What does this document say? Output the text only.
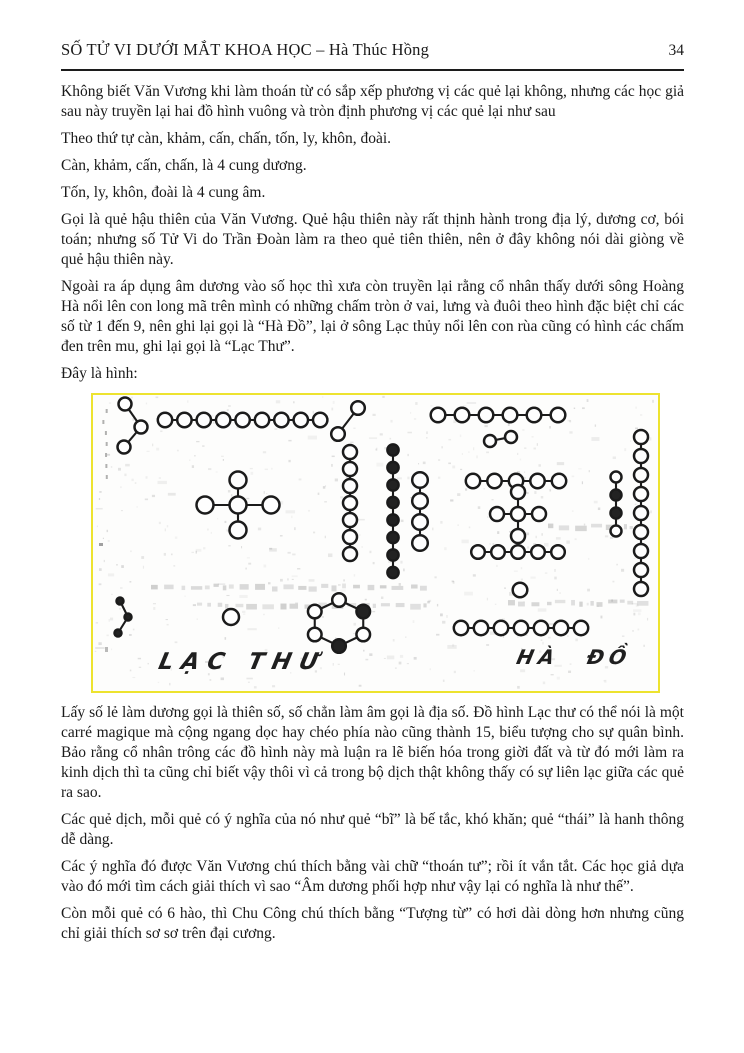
SỐ TỬ VI DƯỚI MẮT KHOA HỌC – Hà Thúc Hồng	34

Không biết Văn Vương khi làm thoán từ có sắp xếp phương vị các quẻ lại không, nhưng các học giả sau này truyền lại hai đồ hình vuông và tròn định phương vị các quẻ lại như sau

Theo thứ tự càn, khảm, cấn, chấn, tốn, ly, khôn, đoài.

Càn, khảm, cấn, chấn, là 4 cung dương.

Tốn, ly, khôn, đoài là 4 cung âm.

Gọi là quẻ hậu thiên của Văn Vương. Quẻ hậu thiên này rất thịnh hành trong địa lý, dương cơ, bói toán; nhưng số Tử Vi do Trần Đoàn làm ra theo quẻ tiên thiên, nên ở đây không nói dài giòng về quẻ hậu thiên này.

Ngoài ra áp dụng âm dương vào số học thì xưa còn truyền lại rằng cổ nhân thấy dưới sông Hoàng Hà nổi lên con long mã trên mình có những chấm tròn ở vai, lưng và đuôi theo hình đặc biệt chỉ các số từ 1 đến 9, nên ghi lại gọi là “Hà Đồ”, lại ở sông Lạc thủy nổi lên con rùa cũng có hình các chấm đen trên mu, ghi lại gọi là “Lạc Thư”.

Đây là hình:

LẠC THƯ	HÀ ĐỒ

Lấy số lẻ làm dương gọi là thiên số, số chẳn làm âm gọi là địa số. Đồ hình Lạc thư có thể nói là một carré magique mà cộng ngang dọc hay chéo phía nào cũng thành 15, biểu tượng cho sự quân bình. Bảo rằng cổ nhân trông các đồ hình này mà luận ra lẽ biến hóa trong giời đất và từ đó mới làm ra kinh dịch thì ta cũng chỉ biết vậy thôi vì cả trong bộ dịch thật không thấy có sự liên lạc giữa các quẻ ra sao.

Các quẻ dịch, mỗi quẻ có ý nghĩa của nó như quẻ “bĩ” là bế tắc, khó khăn; quẻ “thái” là hanh thông dễ dàng.

Các ý nghĩa đó được Văn Vương chú thích bằng vài chữ “thoán tư”; rồi ít vắn tắt. Các học giả dựa vào đó mới tìm cách giải thích vì sao “Âm dương phối hợp như vậy lại có nghĩa là như thế”.

Còn mỗi quẻ có 6 hào, thì Chu Công chú thích bằng “Tượng từ” có hơi dài dòng hơn nhưng cũng chỉ giải thích sơ sơ trên đại cương.
